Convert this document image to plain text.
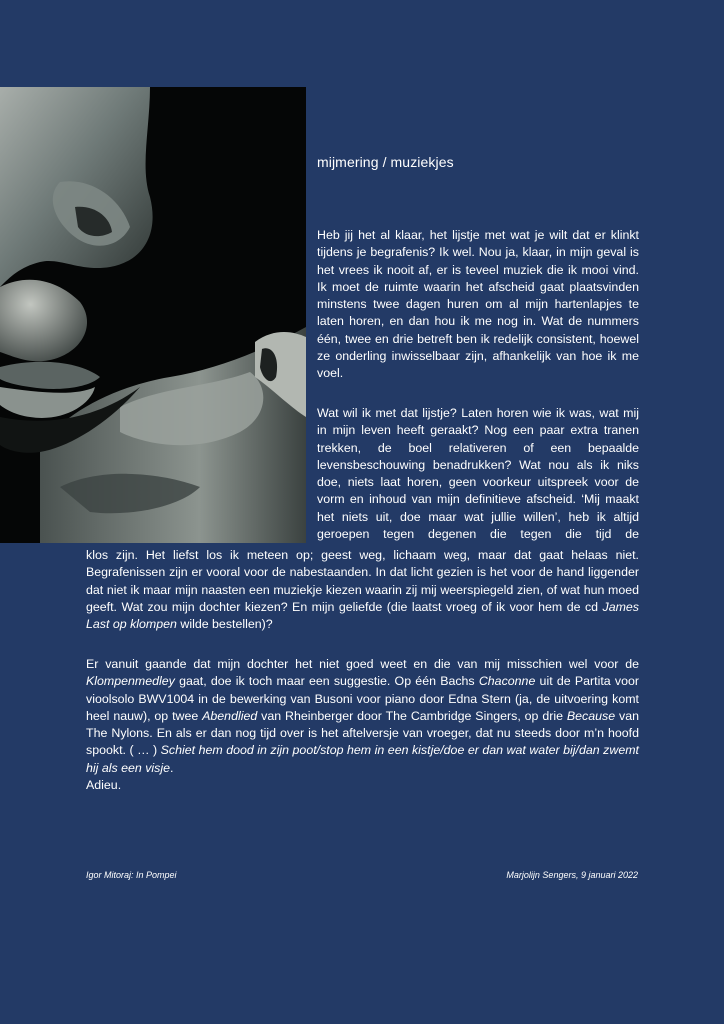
mijmering / muziekjes

Heb jij het al klaar, het lijstje met wat je wilt dat er klinkt tijdens je begrafenis? Ik wel. Nou ja, klaar, in mijn geval is het vrees ik nooit af, er is teveel muziek die ik mooi vind. Ik moet de ruimte waarin het afscheid gaat plaatsvinden minstens twee dagen huren om al mijn hartenlapjes te laten horen, en dan hou ik me nog in. Wat de nummers één, twee en drie betreft ben ik redelijk consistent, hoewel ze onderling inwisselbaar zijn, afhankelijk van hoe ik me voel.

Wat wil ik met dat lijstje? Laten horen wie ik was, wat mij in mijn leven heeft geraakt? Nog een paar extra tranen trekken, de boel relativeren of een bepaalde levensbeschouwing benadrukken? Wat nou als ik niks doe, niets laat horen, geen voorkeur uitspreek voor de vorm en inhoud van mijn definitieve afscheid. ‘Mij maakt het niets uit, doe maar wat jullie willen’, heb ik altijd geroepen tegen degenen die tegen die tijd de

klos zijn. Het liefst los ik meteen op; geest weg, lichaam weg, maar dat gaat helaas niet. Begrafenissen zijn er vooral voor de nabestaanden. In dat licht gezien is het voor de hand liggender dat niet ik maar mijn naasten een muziekje kiezen waarin zij mij weerspiegeld zien, of wat hun moed geeft. Wat zou mijn dochter kiezen? En mijn geliefde (die laatst vroeg of ik voor hem de cd James Last op klompen wilde bestellen)?

Er vanuit gaande dat mijn dochter het niet goed weet en die van mij misschien wel voor de Klompenmedley gaat, doe ik toch maar een suggestie. Op één Bachs Chaconne uit de Partita voor vioolsolo BWV1004 in de bewerking van Busoni voor piano door Edna Stern (ja, de uitvoering komt heel nauw), op twee Abendlied van Rheinberger door The Cambridge Singers, op drie Because van The Nylons. En als er dan nog tijd over is het aftelversje van vroeger, dat nu steeds door m’n hoofd spookt. ( … ) Schiet hem dood in zijn poot/stop hem in een kistje/doe er dan wat water bij/dan zwemt hij als een visje.

Adieu.

Igor Mitoraj: In Pompei	Marjolijn Sengers, 9 januari 2022
